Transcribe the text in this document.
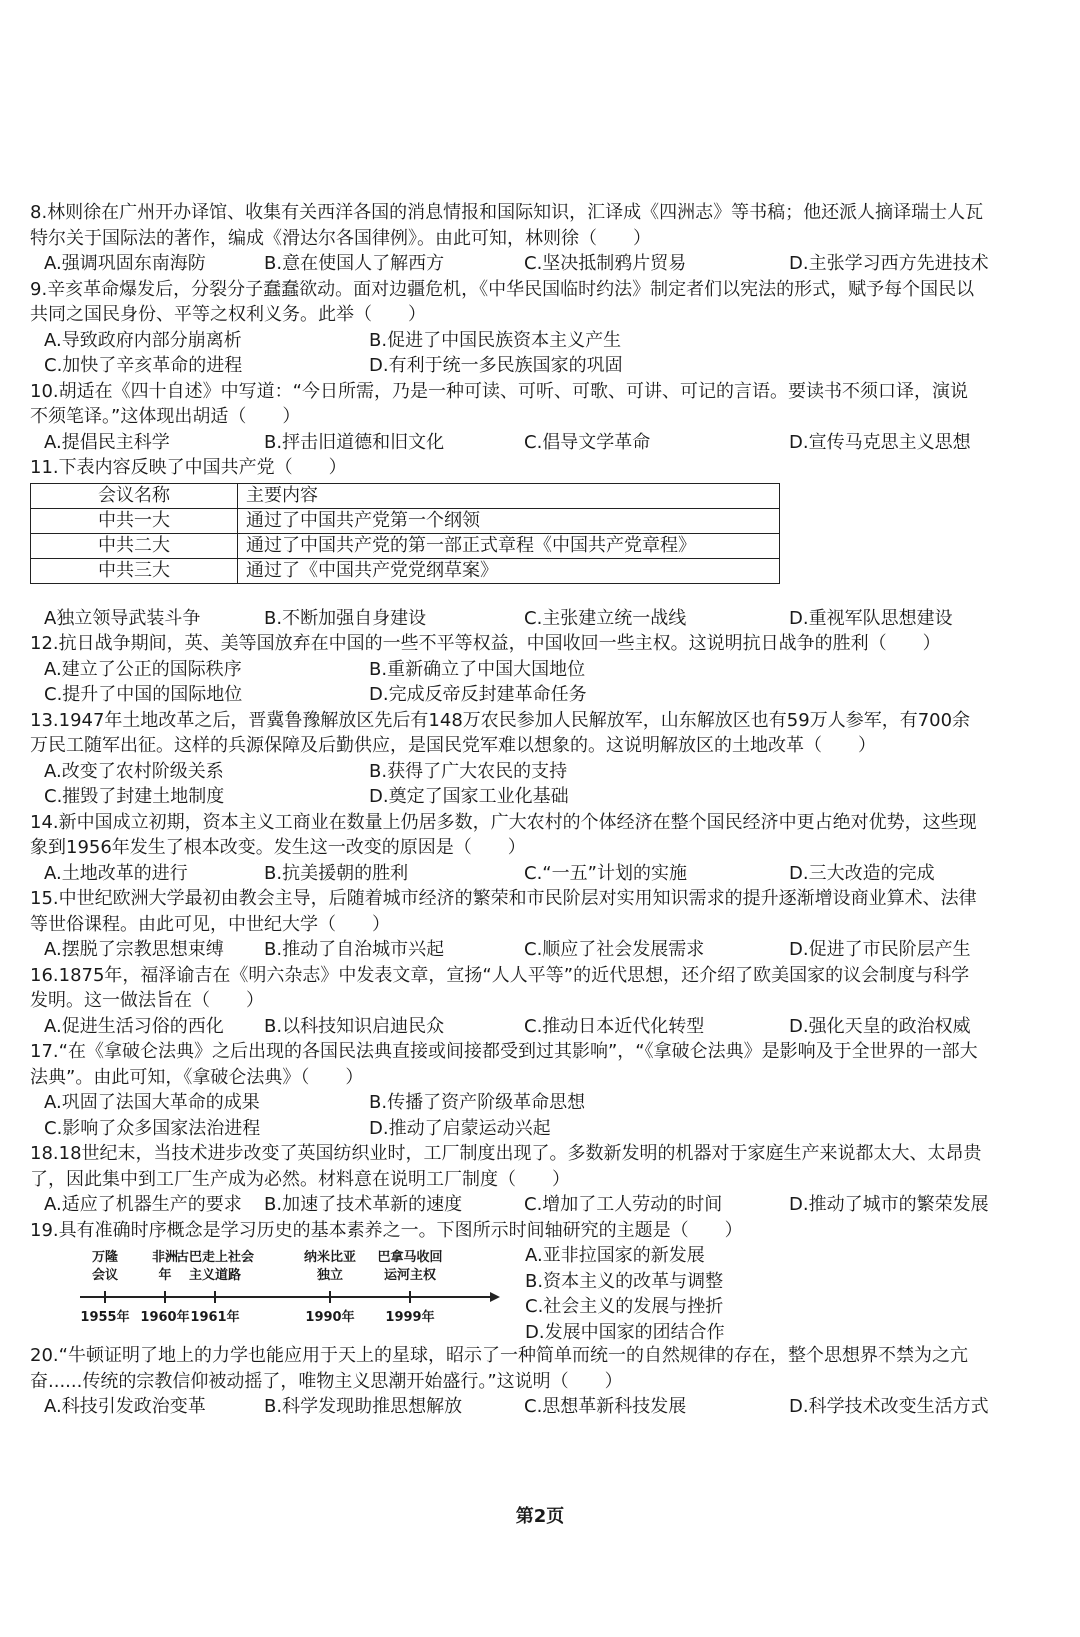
8.林则徐在广州开办译馆、收集有关西洋各国的消息情报和国际知识，汇译成《四洲志》等书稿；他还派人摘译瑞士人瓦特尔关于国际法的著作，编成《滑达尔各国律例》。由此可知，林则徐（　　）

A.强调巩固东南海防	B.意在使国人了解西方	C.坚决抵制鸦片贸易	D.主张学习西方先进技术

9.辛亥革命爆发后，分裂分子蠢蠢欲动。面对边疆危机，《中华民国临时约法》制定者们以宪法的形式，赋予每个国民以共同之国民身份、平等之权利义务。此举（　　）

A.导致政府内部分崩离析	B.促进了中国民族资本主义产生
C.加快了辛亥革命的进程	D.有利于统一多民族国家的巩固

10.胡适在《四十自述》中写道：“今日所需，乃是一种可读、可听、可歌、可讲、可记的言语。要读书不须口译，演说不须笔译。”这体现出胡适（　　）

A.提倡民主科学	B.抨击旧道德和旧文化	C.倡导文学革命	D.宣传马克思主义思想

11.下表内容反映了中国共产党（　　）

会议名称	主要内容
中共一大	通过了中国共产党第一个纲领
中共二大	通过了中国共产党的第一部正式章程《中国共产党章程》
中共三大	通过了《中国共产党党纲草案》
A独立领导武装斗争	B.不断加强自身建设	C.主张建立统一战线	D.重视军队思想建设

12.抗日战争期间，英、美等国放弃在中国的一些不平等权益，中国收回一些主权。这说明抗日战争的胜利（　　）

A.建立了公正的国际秩序	B.重新确立了中国大国地位
C.提升了中国的国际地位	D.完成反帝反封建革命任务

13.1947年土地改革之后，晋冀鲁豫解放区先后有148万农民参加人民解放军，山东解放区也有59万人参军，有700余万民工随军出征。这样的兵源保障及后勤供应，是国民党军难以想象的。这说明解放区的土地改革（　　）

A.改变了农村阶级关系	B.获得了广大农民的支持
C.摧毁了封建土地制度	D.奠定了国家工业化基础

14.新中国成立初期，资本主义工商业在数量上仍居多数，广大农村的个体经济在整个国民经济中更占绝对优势，这些现象到1956年发生了根本改变。发生这一改变的原因是（　　）

A.土地改革的进行	B.抗美援朝的胜利	C.“一五”计划的实施	D.三大改造的完成

15.中世纪欧洲大学最初由教会主导，后随着城市经济的繁荣和市民阶层对实用知识需求的提升逐渐增设商业算术、法律等世俗课程。由此可见，中世纪大学（　　）

A.摆脱了宗教思想束缚	B.推动了自治城市兴起	C.顺应了社会发展需求	D.促进了市民阶层产生

16.1875年，福泽谕吉在《明六杂志》中发表文章，宣扬“人人平等”的近代思想，还介绍了欧美国家的议会制度与科学发明。这一做法旨在（　　）

A.促进生活习俗的西化	B.以科技知识启迪民众	C.推动日本近代化转型	D.强化天皇的政治权威

17.“在《拿破仑法典》之后出现的各国民法典直接或间接都受到过其影响”，“《拿破仑法典》是影响及于全世界的一部大法典”。由此可知，《拿破仑法典》（　　）

A.巩固了法国大革命的成果	B.传播了资产阶级革命思想
C.影响了众多国家法治进程	D.推动了启蒙运动兴起

18.18世纪末，当技术进步改变了英国纺织业时，工厂制度出现了。多数新发明的机器对于家庭生产来说都太大、太昂贵了，因此集中到工厂生产成为必然。材料意在说明工厂制度（　　）

A.适应了机器生产的要求	B.加速了技术革新的速度	C.增加了工人劳动的时间	D.推动了城市的繁荣发展

19.具有准确时序概念是学习历史的基本素养之一。下图所示时间轴研究的主题是（　　）

万隆
会议
1955年
非洲
年
1960年
古巴走上社会
主义道路
1961年
纳米比亚
独立
1990年
巴拿马收回
运河主权
1999年
A.亚非拉国家的新发展
B.资本主义的改革与调整
C.社会主义的发展与挫折
D.发展中国家的团结合作

20.“牛顿证明了地上的力学也能应用于天上的星球，昭示了一种简单而统一的自然规律的存在，整个思想界不禁为之亢奋......传统的宗教信仰被动摇了，唯物主义思潮开始盛行。”这说明（　　）

A.科技引发政治变革	B.科学发现助推思想解放	C.思想革新科技发展	D.科学技术改变生活方式
第2页
